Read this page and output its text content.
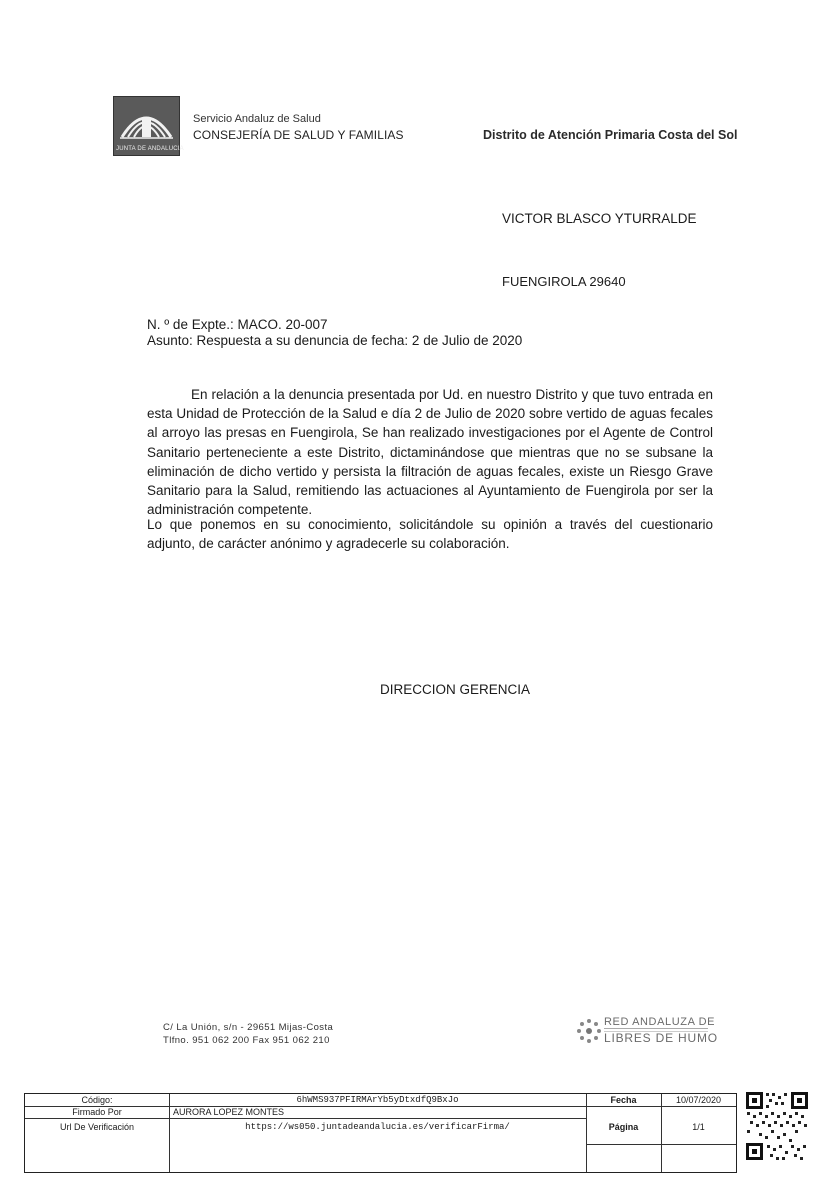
JUNTA DE ANDALUCIA
Servicio Andaluz de Salud
CONSEJERÍA DE SALUD Y FAMILIAS	Distrito de Atención Primaria Costa del Sol
VICTOR BLASCO YTURRALDE
FUENGIROLA 29640
N. º de Expte.: MACO. 20-007
Asunto: Respuesta a su denuncia de fecha: 2 de Julio de 2020
En relación a la denuncia presentada por Ud. en nuestro Distrito y que tuvo entrada en esta Unidad de Protección de la Salud e día 2 de Julio de 2020 sobre vertido de aguas fecales al arroyo las presas en Fuengirola, Se han realizado investigaciones por el Agente de Control Sanitario perteneciente a este Distrito, dictaminándose que mientras que no se subsane la eliminación de dicho vertido y persista la filtración de aguas fecales, existe un Riesgo Grave Sanitario para la Salud, remitiendo las actuaciones al Ayuntamiento de Fuengirola por ser la administración competente.
Lo que ponemos en su conocimiento, solicitándole su opinión a través del cuestionario adjunto, de carácter anónimo y agradecerle su colaboración.
DIRECCION GERENCIA
C/ La Unión, s/n - 29651 Mijas-Costa
Tlfno. 951 062 200 Fax 951 062 210
RED ANDALUZA DE
LIBRES DE HUMO
Código:	6hWMS937PFIRMArYb5yDtxdfQ9BxJo	Fecha	10/07/2020
Firmado Por	AURORA LOPEZ MONTES
Url De Verificación	https://ws050.juntadeandalucia.es/verificarFirma/	Página	1/1
